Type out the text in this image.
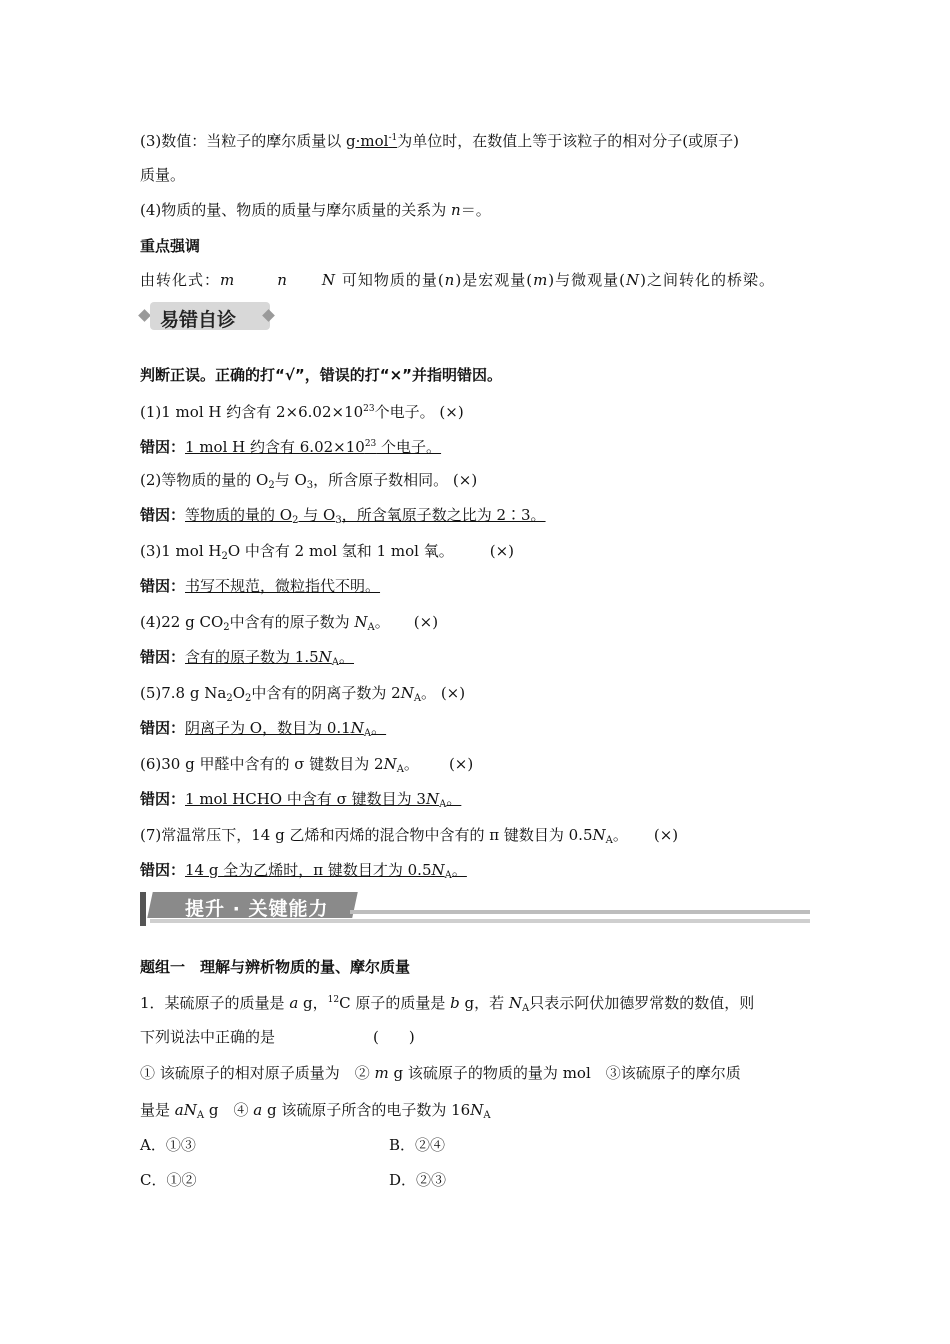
(3)数值：当粒子的摩尔质量以 g·mol$^{-1}$为单位时，在数值上等于该粒子的相对分子(或原子)
质量。
(4)物质的量、物质的质量与摩尔质量的关系为 n＝。
重点强调
由转化式：m	n N 可知物质的量(n)是宏观量(m)与微观量(N)之间转化的桥梁。
易错自诊
判断正误。正确的打“√”，错误的打“×”并指明错因。
(1)1 mol H 约含有 $2\times 6.02\times 10^{23}$个电子。 (×)
错因：1 mol H 约含有 $6.02\times 10^{23}$ 个电子。
(2)等物质的量的 $O_2$与 $O_3$，所含原子数相同。 (×)
错因：等物质的量的 $O_2$ 与 $O_3$，所含氧原子数之比为 2∶3。
(3)1 mol $H_2O$ 中含有 2 mol 氢和 1 mol 氧。 (×)
错因：书写不规范，微粒指代不明。
(4)22 g $CO_2$中含有的原子数为 $N_A$。 (×)
错因：含有的原子数为 $1.5N_A$。
(5)7.8 g $Na_2O_2$中含有的阴离子数为 $2N_A$。 (×)
错因：阴离子为 O，数目为 $0.1N_A$。
(6)30 g 甲醛中含有的 σ 键数目为 $2N_A$。 (×)
错因：1 mol HCHO 中含有 σ 键数目为 $3N_A$。
(7)常温常压下，14 g 乙烯和丙烯的混合物中含有的 π 键数目为 $0.5N_A$。 (×)
错因：14 g 全为乙烯时，π 键数目才为 $0.5N_A$。
提升 · 关键能力
题组一　理解与辨析物质的量、摩尔质量
1．某硫原子的质量是 a g，$^{12}$C 原子的质量是 b g，若 $N_A$只表示阿伏加德罗常数的数值，则
下列说法中正确的是	(　　)
① 该硫原子的相对原子质量为　② m g 该硫原子的物质的量为 mol　③该硫原子的摩尔质
量是 $aN_A$ g　④ a g 该硫原子所含的电子数为 $16N_A$
A．①③	B．②④
C．①②	D．②③
